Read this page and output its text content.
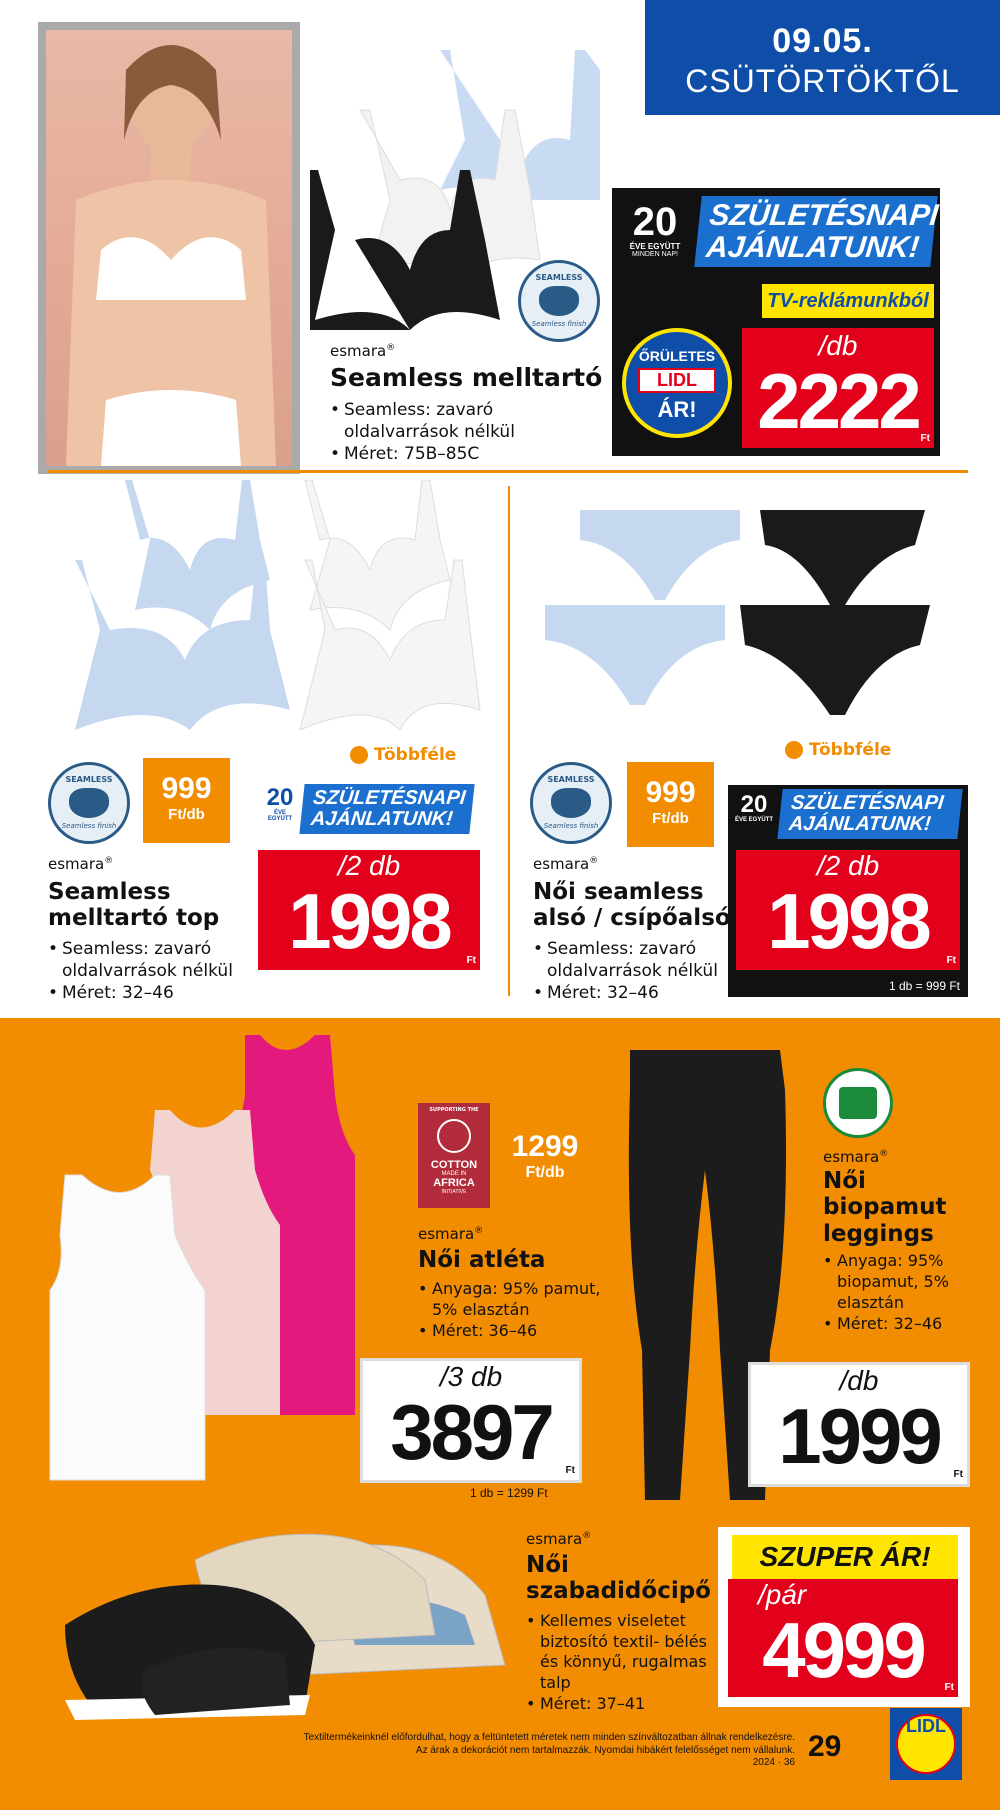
09.05.
CSÜTÖRTÖKTŐL
SEAMLESS
Seamless finish
esmara®
Seamless melltartó
• Seamless: zavaró oldalvarrások nélkül
• Méret: 75B–85C
20
ÉVE EGYÜTT
MINDEN NAP!
SZÜLETÉSNAPI
AJÁNLATUNK!
TV-reklámunkból
ŐRÜLETES
LIDL
ÁR!
/db
2222 Ft
Többféle
SEAMLESS
Seamless finish
999
Ft/db
20
ÉVE EGYÜTT
SZÜLETÉSNAPI
AJÁNLATUNK!
/2 db
1998	Ft
esmara®
Seamless
melltartó top
• Seamless: zavaró oldalvarrások nélkül
• Méret: 32–46
Többféle
SEAMLESS
Seamless finish
999
Ft/db
20
ÉVE EGYÜTT
SZÜLETÉSNAPI
AJÁNLATUNK!
/2 db
1998	Ft
1 db = 999 Ft
esmara®
Női seamless
alsó / csípőalsó
• Seamless: zavaró oldalvarrások nélkül
• Méret: 32–46
SUPPORTING THE
COTTON
MADE IN
AFRICA
INITIATIVE
1299
Ft/db
esmara®
Női atléta
• Anyaga: 95% pamut, 5% elasztán
• Méret: 36–46
/3 db
3897	Ft
1 db = 1299 Ft
esmara®
Női
biopamut
leggings
• Anyaga: 95% biopamut, 5% elasztán
• Méret: 32–46
/db
1999	Ft
esmara®
Női
szabadidőcipő
• Kellemes viseletet biztosító textil- bélés és könnyű, rugalmas talp
• Méret: 37–41
SZUPER ÁR!
/pár
4999	Ft
Textiltermékeinknél előfordulhat, hogy a feltüntetett méretek nem minden színváltozatban állnak rendelkezésre.
Az árak a dekorációt nem tartalmazzák. Nyomdai hibákért felelősséget nem vállalunk.
2024 · 36 29
LIDL
